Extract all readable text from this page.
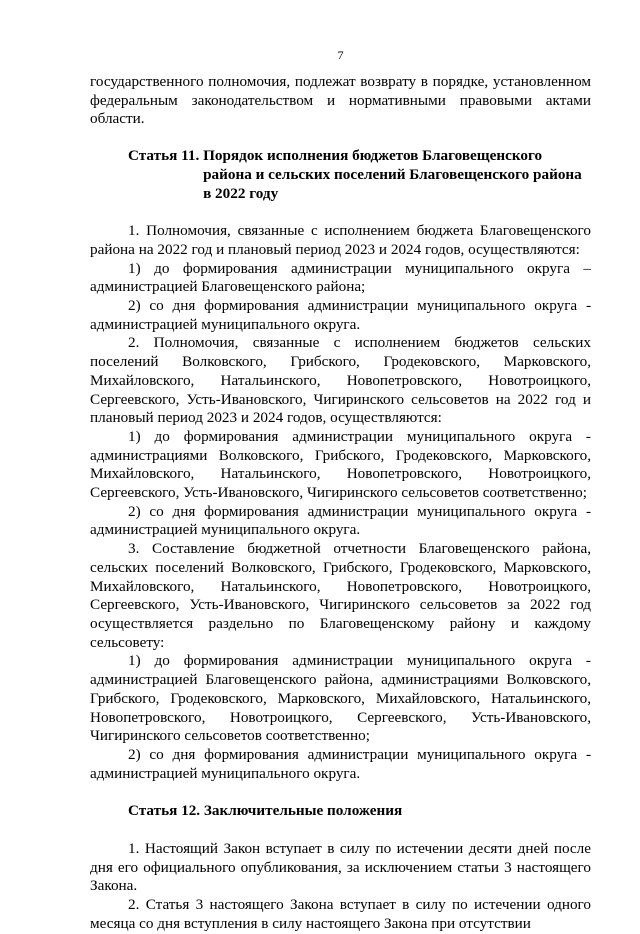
7

государственного полномочия, подлежат возврату в порядке, установленном федеральным законодательством и нормативными правовыми актами области.

Статья 11. Порядок исполнения бюджетов Благовещенского района и сельских поселений Благовещенского района в 2022 году

1. Полномочия, связанные с исполнением бюджета Благовещенского района на 2022 год и плановый период 2023 и 2024 годов, осуществляются:

1) до формирования администрации муниципального округа – администрацией Благовещенского района;

2) со дня формирования администрации муниципального округа - администрацией муниципального округа.

2. Полномочия, связанные с исполнением бюджетов сельских поселений Волковского, Грибского, Гродековского, Марковского, Михайловского, Натальинского, Новопетровского, Новотроицкого, Сергеевского, Усть-Ивановского, Чигиринского сельсоветов на 2022 год и плановый период 2023 и 2024 годов, осуществляются:

1) до формирования администрации муниципального округа - администрациями Волковского, Грибского, Гродековского, Марковского, Михайловского, Натальинского, Новопетровского, Новотроицкого, Сергеевского, Усть-Ивановского, Чигиринского сельсоветов соответственно;

2) со дня формирования администрации муниципального округа - администрацией муниципального округа.

3. Составление бюджетной отчетности Благовещенского района, сельских поселений Волковского, Грибского, Гродековского, Марковского, Михайловского, Натальинского, Новопетровского, Новотроицкого, Сергеевского, Усть-Ивановского, Чигиринского сельсоветов за 2022 год осуществляется раздельно по Благовещенскому району и каждому сельсовету:

1) до формирования администрации муниципального округа - администрацией Благовещенского района, администрациями Волковского, Грибского, Гродековского, Марковского, Михайловского, Натальинского, Новопетровского, Новотроицкого, Сергеевского, Усть-Ивановского, Чигиринского сельсоветов соответственно;

2) со дня формирования администрации муниципального округа - администрацией муниципального округа.

Статья 12. Заключительные положения

1. Настоящий Закон вступает в силу по истечении десяти дней после дня его официального опубликования, за исключением статьи 3 настоящего Закона.

2. Статья 3 настоящего Закона вступает в силу по истечении одного месяца со дня вступления в силу настоящего Закона при отсутствии
